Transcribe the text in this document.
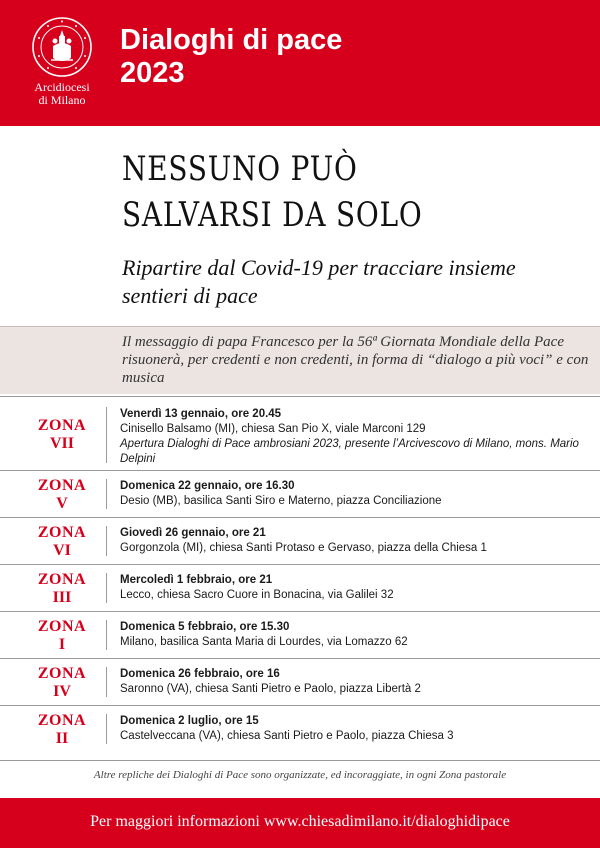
Arcidiocesi
di Milano
Dialoghi di pace
2023
NESSUNO PUÒ
SALVARSI DA SOLO
Ripartire dal Covid-19 per tracciare insieme sentieri di pace
Il messaggio di papa Francesco per la 56ª Giornata Mondiale della Pace risuonerà, per credenti e non credenti, in forma di “dialogo a più voci” e con musica
ZONA
VII
Venerdì 13 gennaio, ore 20.45
Cinisello Balsamo (MI), chiesa San Pio X, viale Marconi 129
Apertura Dialoghi di Pace ambrosiani 2023, presente l’Arcivescovo di Milano, mons. Mario Delpini
ZONA
V
Domenica 22 gennaio, ore 16.30
Desio (MB), basilica Santi Siro e Materno, piazza Conciliazione
ZONA
VI
Giovedì 26 gennaio, ore 21
Gorgonzola (MI), chiesa Santi Protaso e Gervaso, piazza della Chiesa 1
ZONA
III
Mercoledì 1 febbraio, ore 21
Lecco, chiesa Sacro Cuore in Bonacina, via Galilei 32
ZONA
I
Domenica 5 febbraio, ore 15.30
Milano, basilica Santa Maria di Lourdes, via Lomazzo 62
ZONA
IV
Domenica 26 febbraio, ore 16
Saronno (VA), chiesa Santi Pietro e Paolo, piazza Libertà 2
ZONA
II
Domenica 2 luglio, ore 15
Castelveccana (VA), chiesa Santi Pietro e Paolo, piazza Chiesa 3
Altre repliche dei Dialoghi di Pace sono organizzate, ed incoraggiate, in ogni Zona pastorale
Per maggiori informazioni www.chiesadimilano.it/dialoghidipace
